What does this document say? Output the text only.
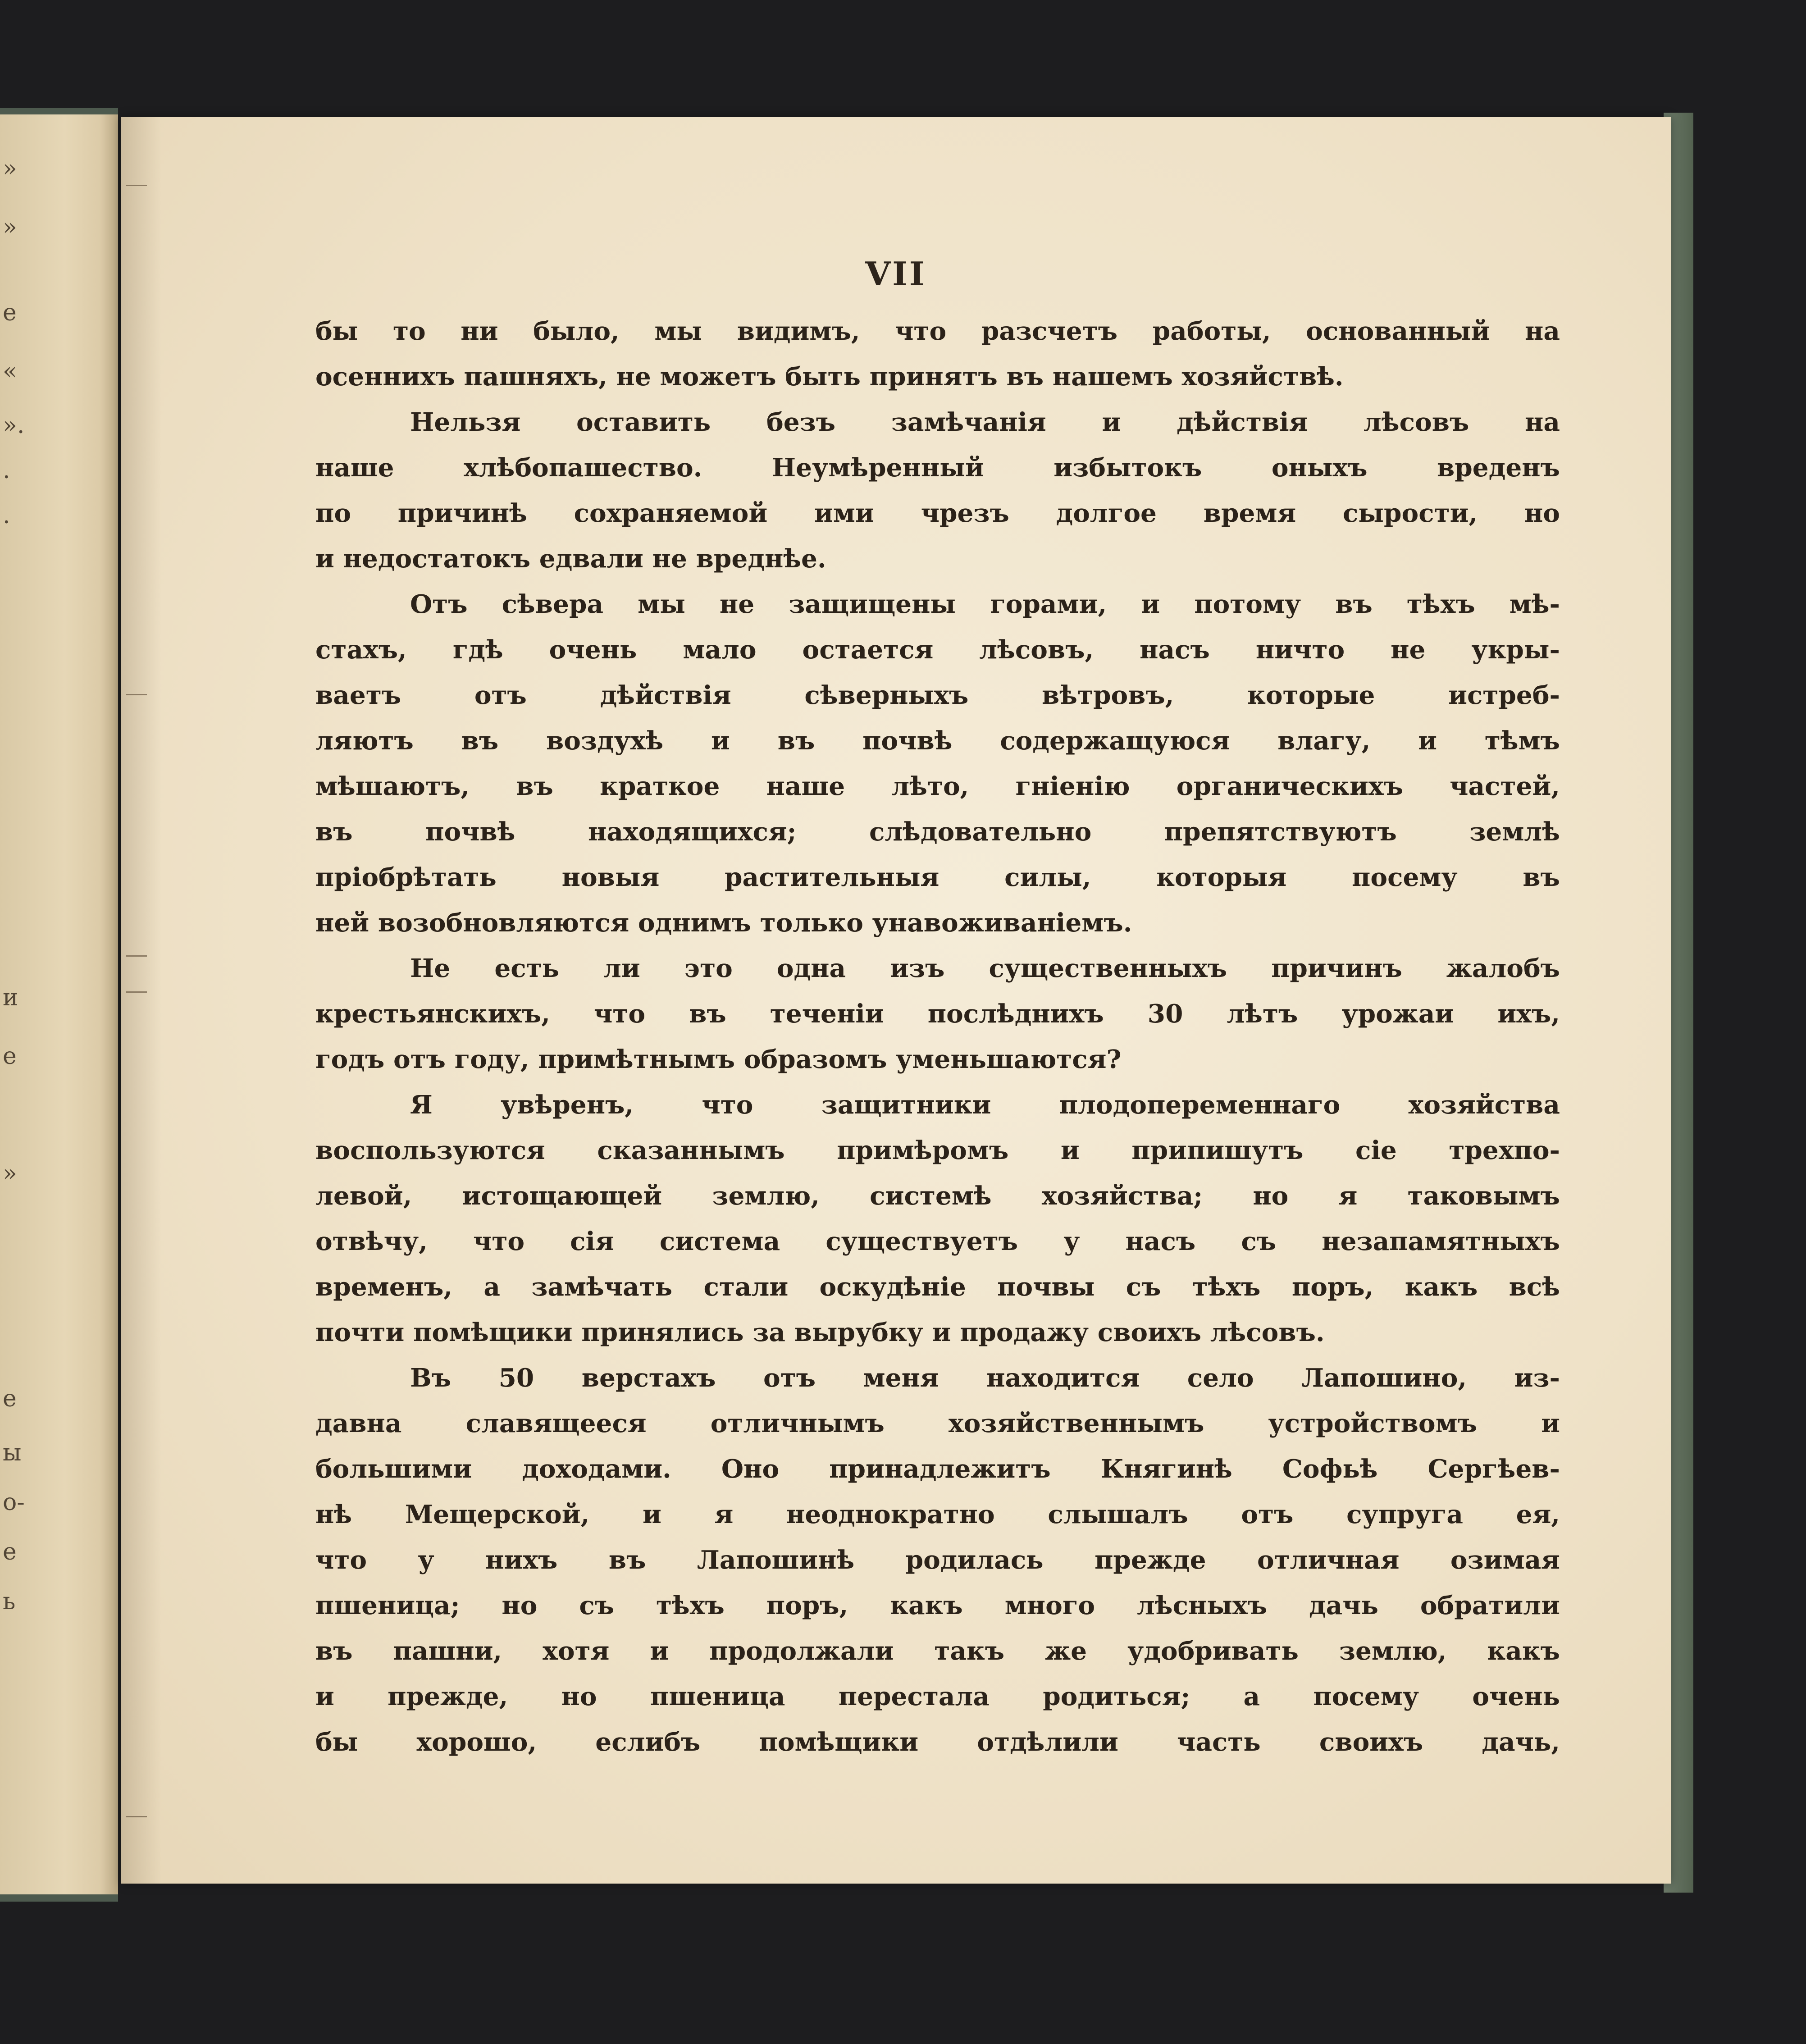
»
»
е
«
».
.
.
и
е
»
е
ы
о-
е
ь
VII
бы то ни было, мы видимъ, что разсчетъ работы, основанный на
осеннихъ пашняхъ, не можетъ быть принятъ въ нашемъ хозяйствѣ.
Нельзя оставить безъ замѣчанія и дѣйствія лѣсовъ на
наше хлѣбопашество. Неумѣренный избытокъ оныхъ вреденъ
по причинѣ сохраняемой ими чрезъ долгое время сырости, но
и недостатокъ едвали не вреднѣе.
Отъ сѣвера мы не защищены горами, и потому въ тѣхъ мѣ-
стахъ, гдѣ очень мало остается лѣсовъ, насъ ничто не укры-
ваетъ отъ дѣйствія сѣверныхъ вѣтровъ, которые истреб-
ляютъ въ воздухѣ и въ почвѣ содержащуюся влагу, и тѣмъ
мѣшаютъ, въ краткое наше лѣто, гніенію органическихъ частей,
въ почвѣ находящихся; слѣдовательно препятствуютъ землѣ
пріобрѣтать новыя растительныя силы, которыя посему въ
ней возобновляются однимъ только унавоживаніемъ.
Не есть ли это одна изъ существенныхъ причинъ жалобъ
крестьянскихъ, что въ теченіи послѣднихъ 30 лѣтъ урожаи ихъ,
годъ отъ году, примѣтнымъ образомъ уменьшаются?
Я увѣренъ, что защитники плодопеременнаго хозяйства
воспользуются сказаннымъ примѣромъ и припишутъ сіе трехпо-
левой, истощающей землю, системѣ хозяйства; но я таковымъ
отвѣчу, что сія система существуетъ у насъ съ незапамятныхъ
временъ, а замѣчать стали оскудѣніе почвы съ тѣхъ поръ, какъ всѣ
почти помѣщики принялись за вырубку и продажу своихъ лѣсовъ.
Въ 50 верстахъ отъ меня находится село Лапошино, из-
давна славящееся отличнымъ хозяйственнымъ устройствомъ и
большими доходами. Оно принадлежитъ Княгинѣ Софьѣ Сергѣев-
нѣ Мещерской, и я неоднократно слышалъ отъ супруга ея,
что у нихъ въ Лапошинѣ родилась прежде отличная озимая
пшеница; но съ тѣхъ поръ, какъ много лѣсныхъ дачь обратили
въ пашни, хотя и продолжали такъ же удобривать землю, какъ
и прежде, но пшеница перестала родиться; а посему очень
бы хорошо, еслибъ помѣщики отдѣлили часть своихъ дачь,
